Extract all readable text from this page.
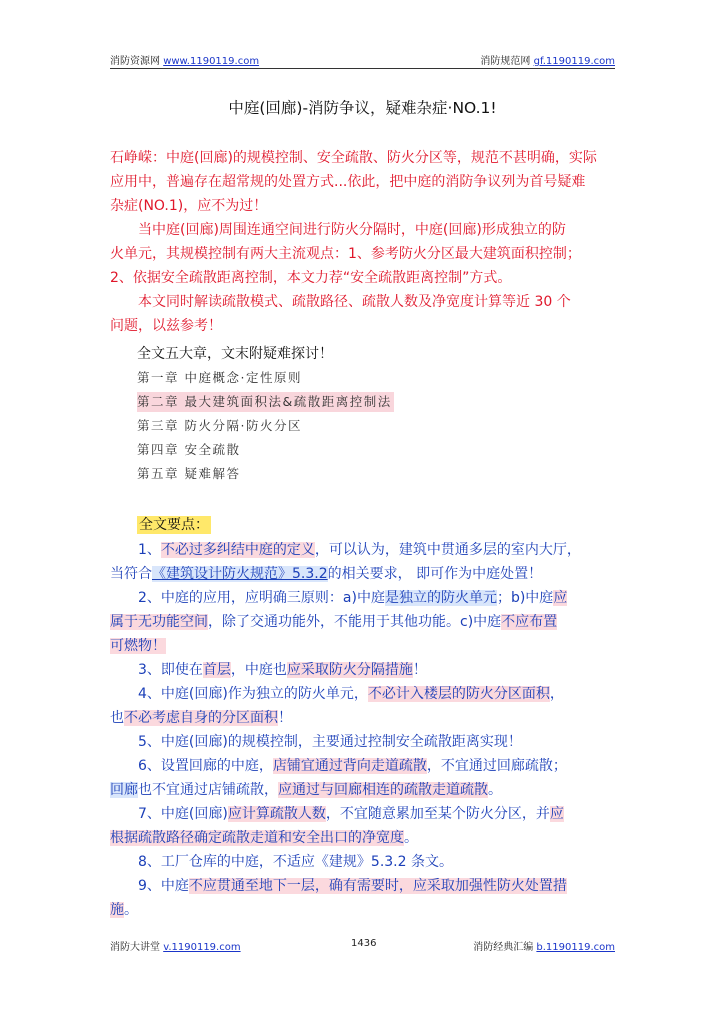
消防资源网 www.1190119.com	消防规范网 gf.1190119.com
中庭(回廊)-消防争议，疑难杂症·NO.1!
石峥嵘：中庭(回廊)的规模控制、安全疏散、防火分区等，规范不甚明确，实际
应用中，普遍存在超常规的处置方式...依此，把中庭的消防争议列为首号疑难
杂症(NO.1)，应不为过！
当中庭(回廊)周围连通空间进行防火分隔时，中庭(回廊)形成独立的防
火单元，其规模控制有两大主流观点：1、参考防火分区最大建筑面积控制；
2、依据安全疏散距离控制，本文力荐“安全疏散距离控制”方式。
本文同时解读疏散模式、疏散路径、疏散人数及净宽度计算等近 30 个
问题，以兹参考！
全文五大章，文末附疑难探讨！
第一章 中庭概念·定性原则
第二章 最大建筑面积法&疏散距离控制法
第三章 防火分隔·防火分区
第四章 安全疏散
第五章 疑难解答
全文要点：
1、不必过多纠结中庭的定义，可以认为，建筑中贯通多层的室内大厅，
当符合《建筑设计防火规范》5.3.2的相关要求， 即可作为中庭处置！
2、中庭的应用，应明确三原则：a)中庭是独立的防火单元；b)中庭应
属于无功能空间，除了交通功能外，不能用于其他功能。c)中庭不应布置
可燃物！
3、即使在首层，中庭也应采取防火分隔措施！
4、中庭(回廊)作为独立的防火单元，不必计入楼层的防火分区面积，
也不必考虑自身的分区面积！
5、中庭(回廊)的规模控制，主要通过控制安全疏散距离实现！
6、设置回廊的中庭，店铺宜通过背向走道疏散，不宜通过回廊疏散；
回廊也不宜通过店铺疏散，应通过与回廊相连的疏散走道疏散。
7、中庭(回廊)应计算疏散人数，不宜随意累加至某个防火分区，并应
根据疏散路径确定疏散走道和安全出口的净宽度。
8、工厂仓库的中庭，不适应《建规》5.3.2 条文。
9、中庭不应贯通至地下一层，确有需要时，应采取加强性防火处置措
施。
消防大讲堂 v.1190119.com	1436	消防经典汇编 b.1190119.com
